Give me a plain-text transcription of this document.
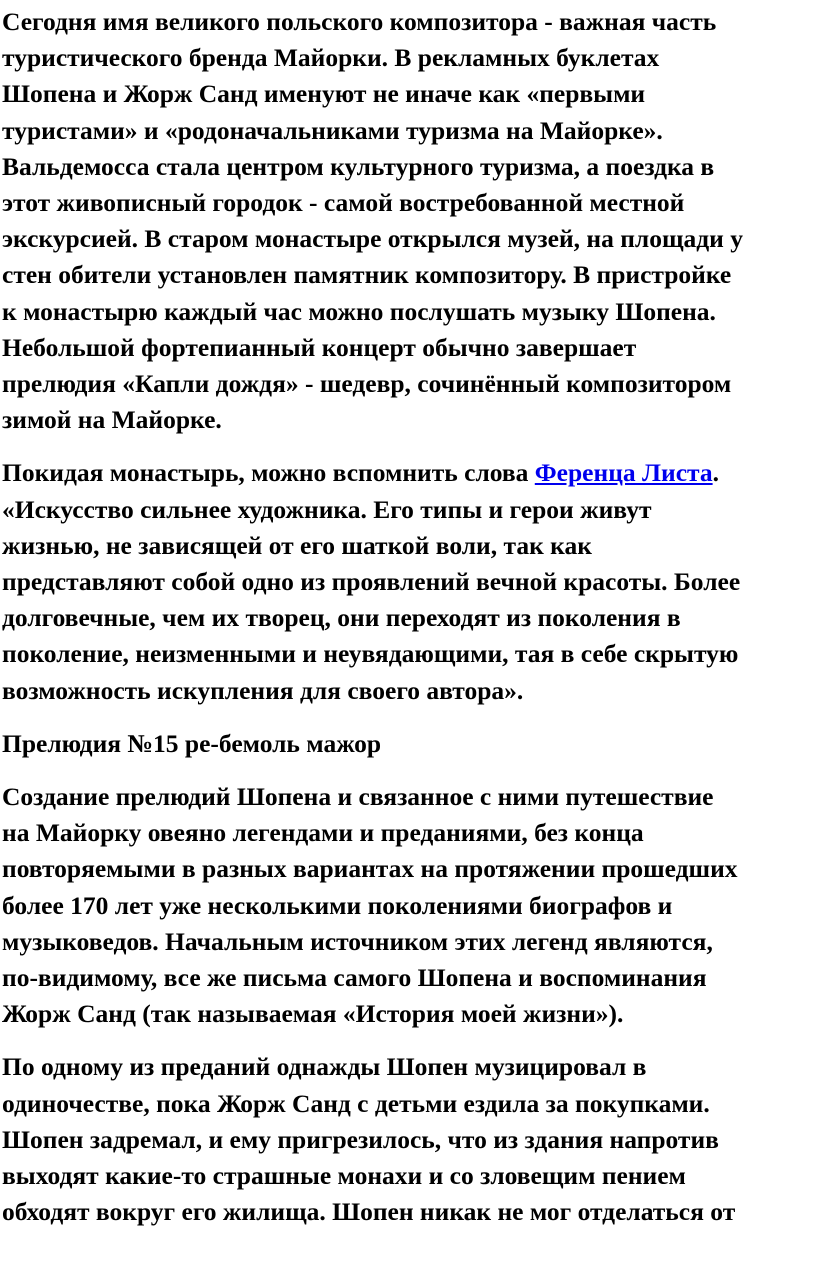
Сегодня имя великого польского композитора - важная часть
туристического бренда Майорки. В рекламных буклетах
Шопена и Жорж Санд именуют не иначе как «первыми
туристами» и «родоначальниками туризма на Майорке».
Вальдемосса стала центром культурного туризма, а поездка в
этот живописный городок - самой востребованной местной
экскурсией. В старом монастыре открылся музей, на площади у
стен обители установлен памятник композитору. В пристройке
к монастырю каждый час можно послушать музыку Шопена.
Небольшой фортепианный концерт обычно завершает
прелюдия «Капли дождя» - шедевр, сочинённый композитором
зимой на Майорке.

Покидая монастырь, можно вспомнить слова Ференца Листа.
«Искусство сильнее художника. Его типы и герои живут
жизнью, не зависящей от его шаткой воли, так как
представляют собой одно из проявлений вечной красоты. Более
долговечные, чем их творец, они переходят из поколения в
поколение, неизменными и неувядающими, тая в себе скрытую
возможность искупления для своего автора».

Прелюдия №15 ре-бемоль мажор

Создание прелюдий Шопена и связанное с ними путешествие
на Майорку овеяно легендами и преданиями, без конца
повторяемыми в разных вариантах на протяжении прошедших
более 170 лет уже несколькими поколениями биографов и
музыковедов. Начальным источником этих легенд являются,
по-видимому, все же письма самого Шопена и воспоминания
Жорж Санд (так называемая «История моей жизни»).

По одному из преданий однажды Шопен музицировал в
одиночестве, пока Жорж Санд с детьми ездила за покупками.
Шопен задремал, и ему пригрезилось, что из здания напротив
выходят какие-то страшные монахи и со зловещим пением
обходят вокруг его жилища. Шопен никак не мог отделаться от
